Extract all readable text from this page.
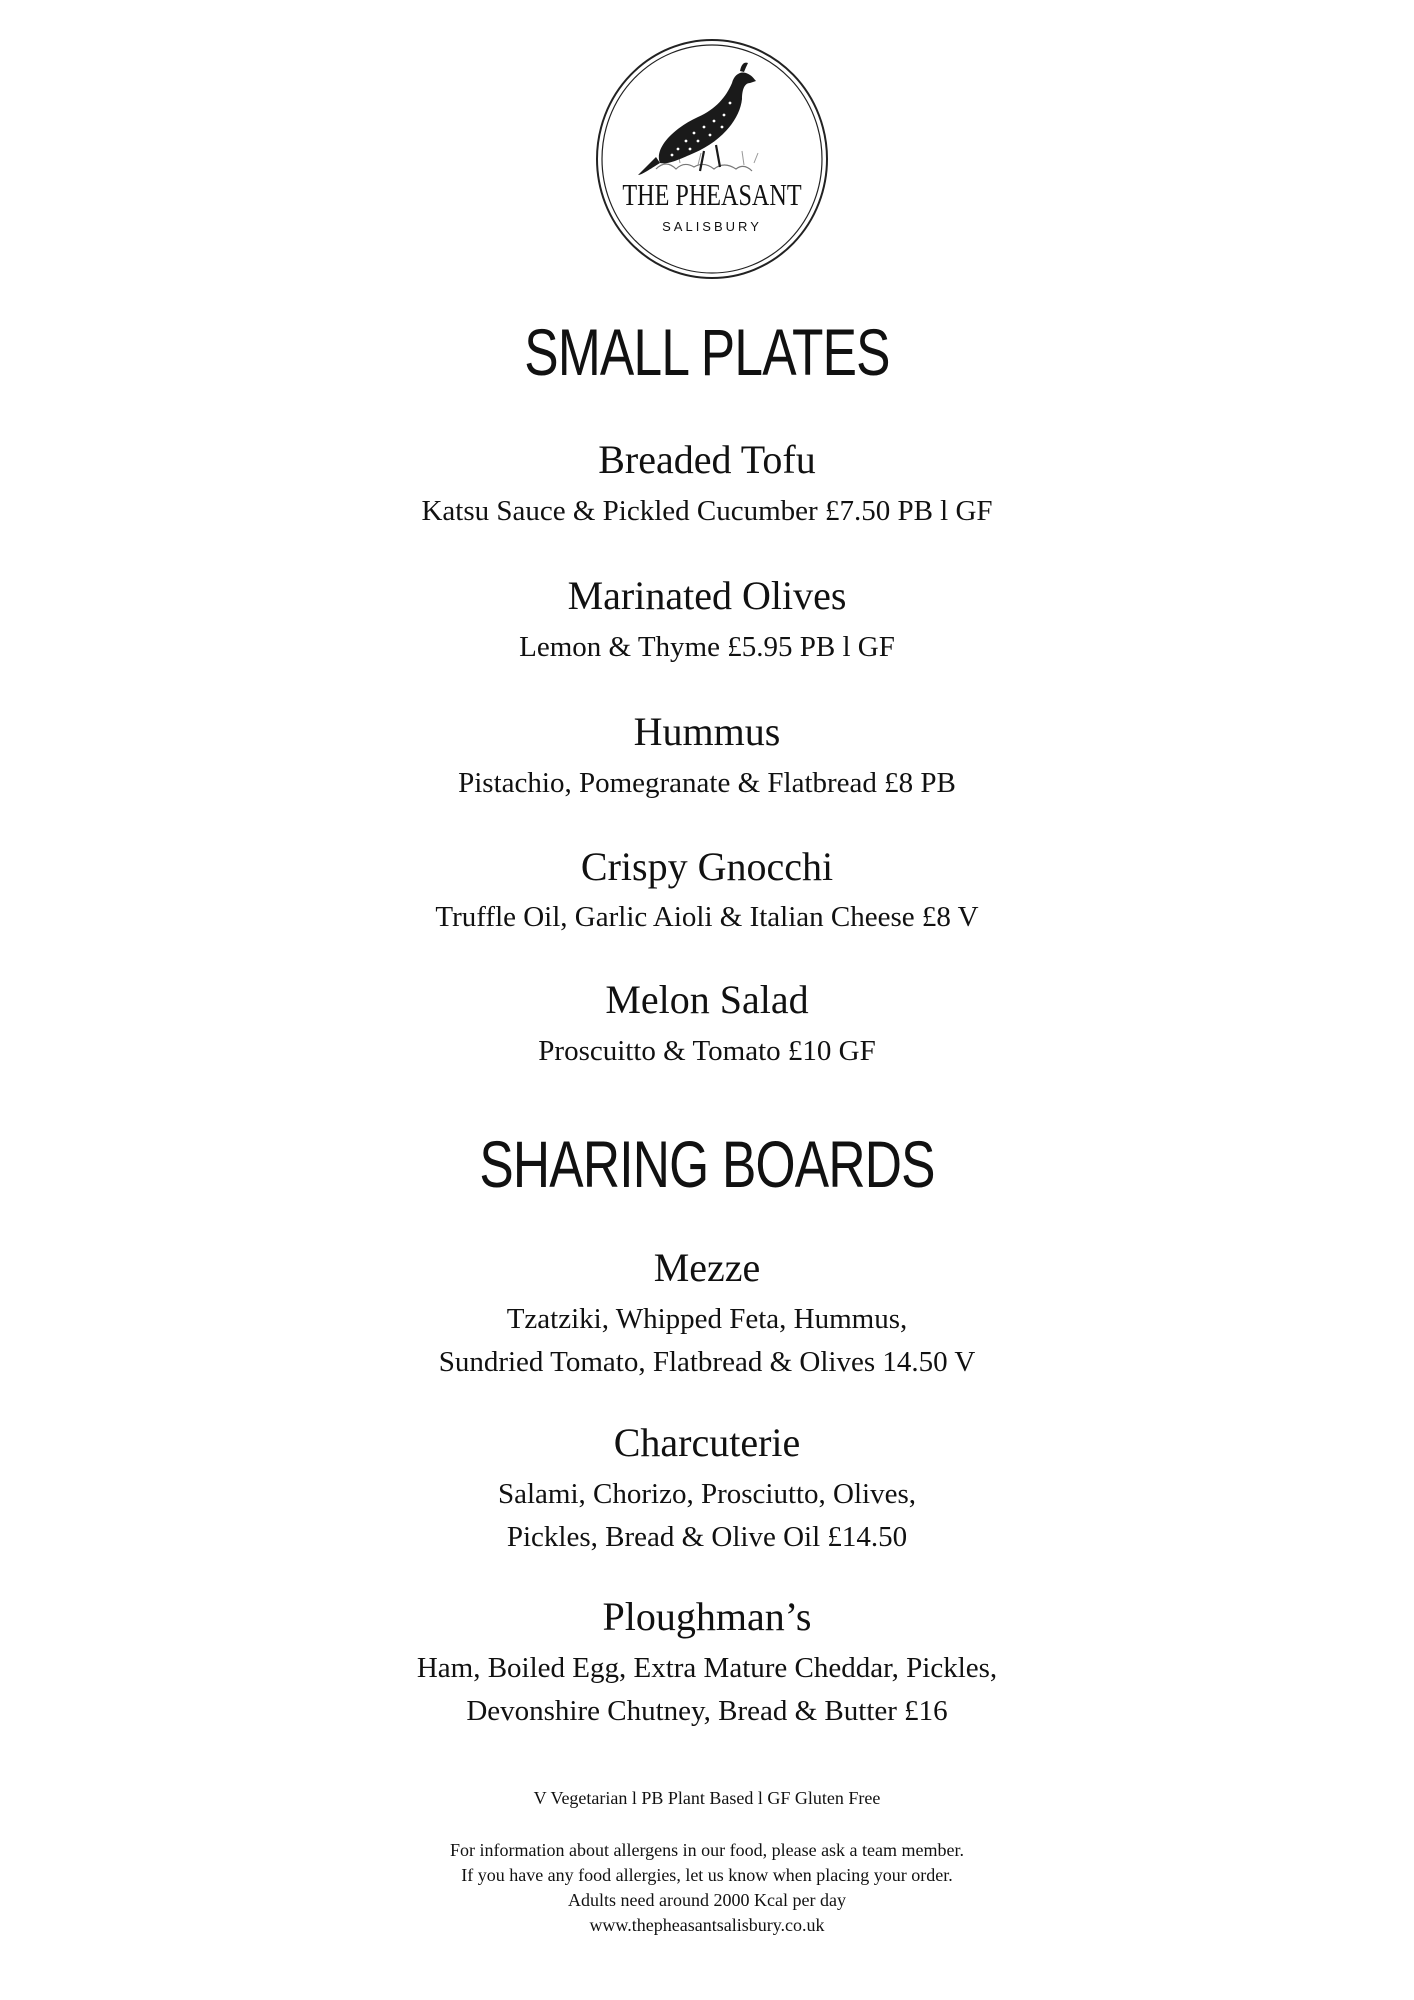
THE PHEASANT
SALISBURY
SMALL PLATES
Breaded Tofu
Katsu Sauce & Pickled Cucumber £7.50 PB l GF
Marinated Olives
Lemon & Thyme £5.95 PB l GF
Hummus
Pistachio, Pomegranate & Flatbread £8 PB
Crispy Gnocchi
Truffle Oil, Garlic Aioli & Italian Cheese £8 V
Melon Salad
Proscuitto & Tomato £10 GF
SHARING BOARDS
Mezze
Tzatziki, Whipped Feta, Hummus,
Sundried Tomato, Flatbread & Olives 14.50 V
Charcuterie
Salami, Chorizo, Prosciutto, Olives,
Pickles, Bread & Olive Oil £14.50
Ploughman’s
Ham, Boiled Egg, Extra Mature Cheddar, Pickles,
Devonshire Chutney, Bread & Butter £16
V Vegetarian l PB Plant Based l GF Gluten Free
For information about allergens in our food, please ask a team member.
If you have any food allergies, let us know when placing your order.
Adults need around 2000 Kcal per day
www.thepheasantsalisbury.co.uk
